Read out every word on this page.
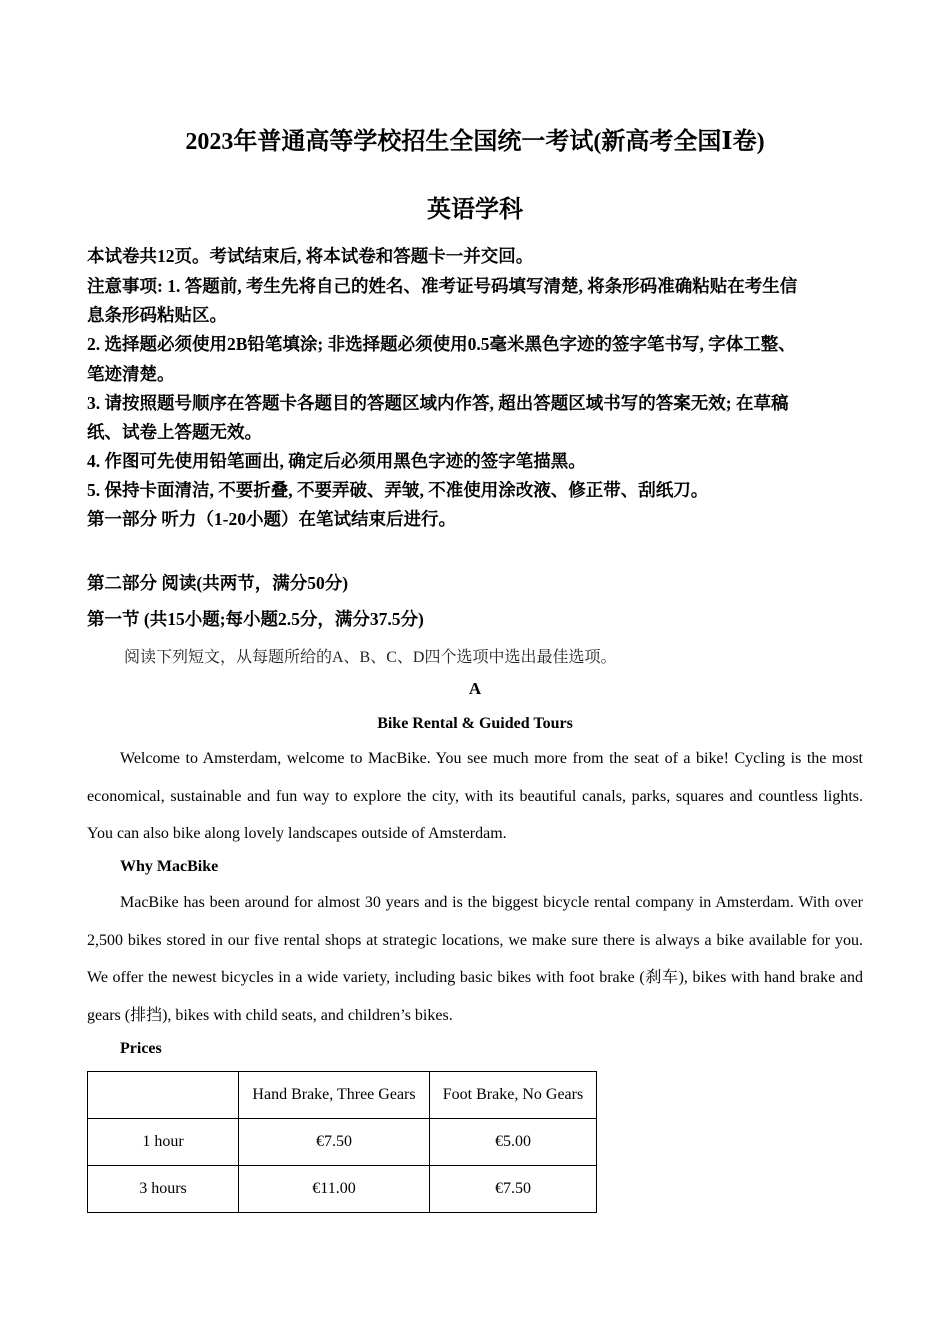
2023年普通高等学校招生全国统一考试(新高考全国Ⅰ卷)
英语学科
本试卷共12页。考试结束后, 将本试卷和答题卡一并交回。
注意事项: 1. 答题前, 考生先将自己的姓名、准考证号码填写清楚, 将条形码准确粘贴在考生信
息条形码粘贴区。
2. 选择题必须使用2B铅笔填涂; 非选择题必须使用0.5毫米黑色字迹的签字笔书写, 字体工整、
笔迹清楚。
3. 请按照题号顺序在答题卡各题目的答题区域内作答, 超出答题区域书写的答案无效; 在草稿
纸、试卷上答题无效。
4. 作图可先使用铅笔画出, 确定后必须用黑色字迹的签字笔描黑。
5. 保持卡面清洁, 不要折叠, 不要弄破、弄皱, 不准使用涂改液、修正带、刮纸刀。
第一部分 听力（1-20小题）在笔试结束后进行。
第二部分 阅读(共两节，满分50分)
第一节 (共15小题;每小题2.5分，满分37.5分)
阅读下列短文，从每题所给的A、B、C、D四个选项中选出最佳选项。
A
Bike Rental & Guided Tours

Welcome to Amsterdam, welcome to MacBike. You see much more from the seat of a bike! Cycling is the most economical, sustainable and fun way to explore the city, with its beautiful canals, parks, squares and countless lights. You can also bike along lovely landscapes outside of Amsterdam.

Why MacBike

MacBike has been around for almost 30 years and is the biggest bicycle rental company in Amsterdam. With over 2,500 bikes stored in our five rental shops at strategic locations, we make sure there is always a bike available for you. We offer the newest bicycles in a wide variety, including basic bikes with foot brake (刹车), bikes with hand brake and gears (排挡), bikes with child seats, and children’s bikes.

Prices
	Hand Brake, Three Gears	Foot Brake, No Gears
1 hour	€7.50	€5.00
3 hours	€11.00	€7.50
